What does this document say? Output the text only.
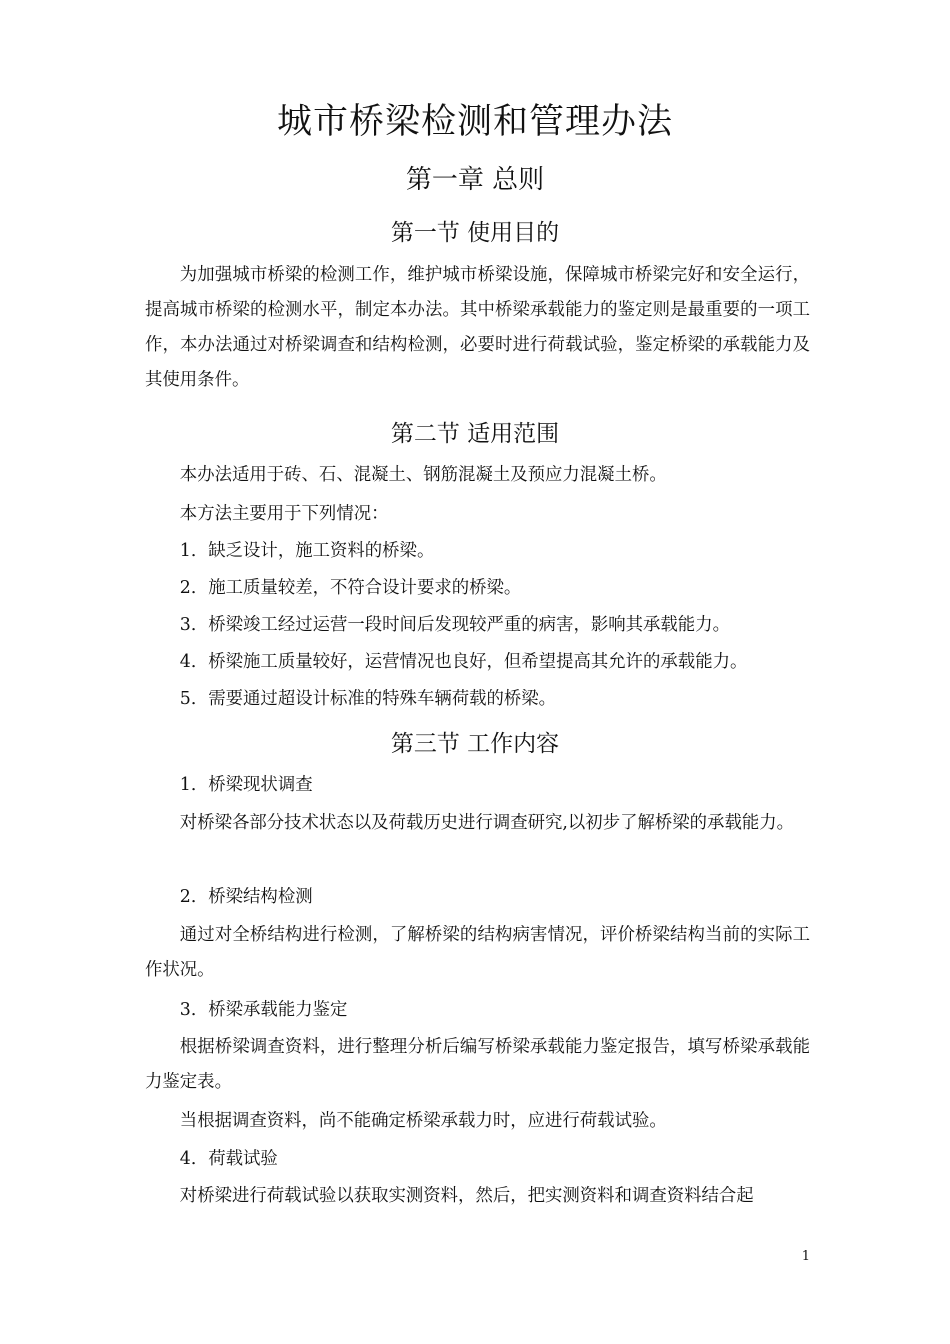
城市桥梁检测和管理办法
第一章 总则
第一节 使用目的

为加强城市桥梁的检测工作，维护城市桥梁设施，保障城市桥梁完好和安全运行，提高城市桥梁的检测水平，制定本办法。其中桥梁承载能力的鉴定则是最重要的一项工作，本办法通过对桥梁调查和结构检测，必要时进行荷载试验，鉴定桥梁的承载能力及其使用条件。

第二节 适用范围

本办法适用于砖、石、混凝土、钢筋混凝土及预应力混凝土桥。

本方法主要用于下列情况：

1．缺乏设计，施工资料的桥梁。

2．施工质量较差，不符合设计要求的桥梁。

3．桥梁竣工经过运营一段时间后发现较严重的病害，影响其承载能力。

4．桥梁施工质量较好，运营情况也良好，但希望提高其允许的承载能力。

5．需要通过超设计标准的特殊车辆荷载的桥梁。

第三节 工作内容

1．桥梁现状调查

对桥梁各部分技术状态以及荷载历史进行调查研究,以初步了解桥梁的承载能力。

2．桥梁结构检测

通过对全桥结构进行检测，了解桥梁的结构病害情况，评价桥梁结构当前的实际工作状况。

3．桥梁承载能力鉴定

根据桥梁调查资料，进行整理分析后编写桥梁承载能力鉴定报告，填写桥梁承载能力鉴定表。

当根据调查资料，尚不能确定桥梁承载力时，应进行荷载试验。

4．荷载试验

对桥梁进行荷载试验以获取实测资料，然后，把实测资料和调查资料结合起

1
